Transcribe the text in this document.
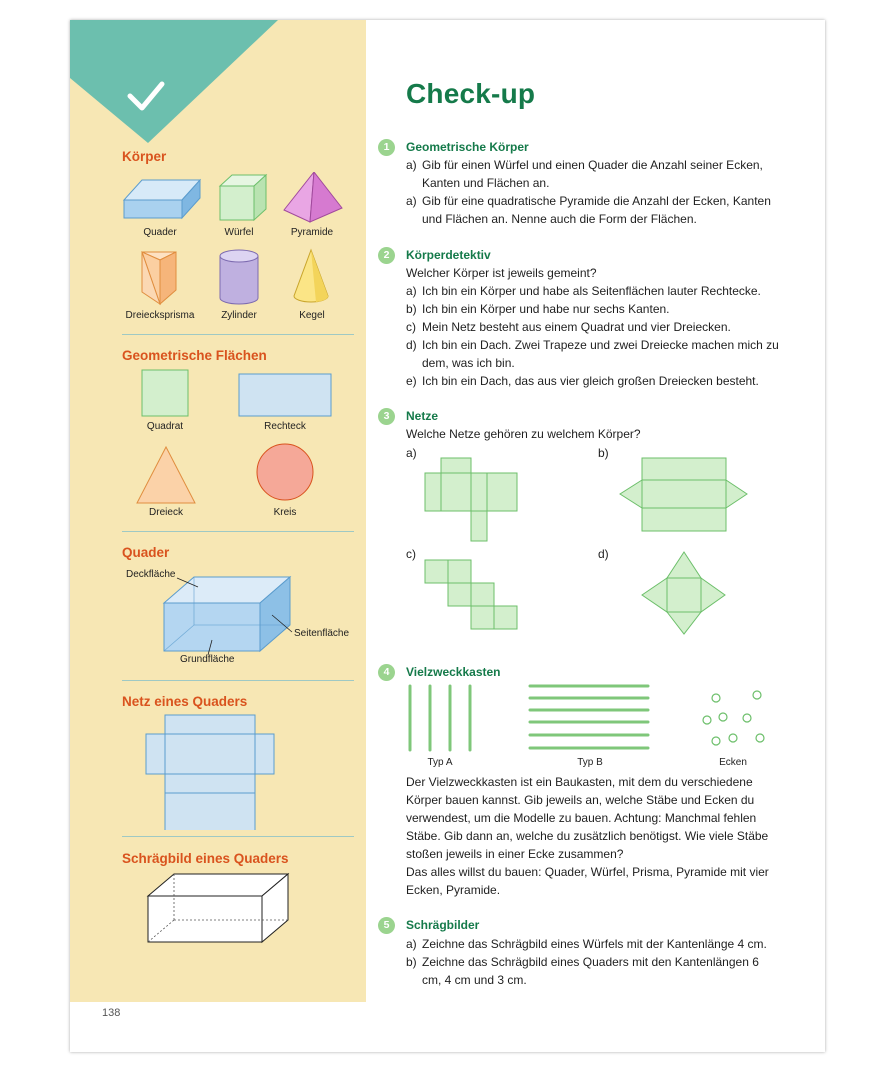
Körper
Quader	Würfel	Pyramide
Dreiecksprisma	Zylinder	Kegel
Geometrische Flächen
Quadrat	Rechteck
Dreieck	Kreis
Quader
Deckfläche
Seitenfläche
Grundfläche
Netz eines Quaders
Schrägbild eines Quaders
Check-up
1	Geometrische Körper
a) Gib für einen Würfel und einen Quader die Anzahl seiner Ecken, Kanten und Flächen an.
a) Gib für eine quadratische Pyramide die Anzahl der Ecken, Kanten und Flächen an. Nenne auch die Form der Flächen.
2	Körperdetektiv
Welcher Körper ist jeweils gemeint?
a) Ich bin ein Körper und habe als Seitenflächen lauter Rechtecke.
b) Ich bin ein Körper und habe nur sechs Kanten.
c) Mein Netz besteht aus einem Quadrat und vier Dreiecken.
d) Ich bin ein Dach. Zwei Trapeze und zwei Dreiecke machen mich zu dem, was ich bin.
e) Ich bin ein Dach, das aus vier gleich großen Dreiecken besteht.
3	Netze
Welche Netze gehören zu welchem Körper?
a)	b)
c)	d)
4	Vielzweckkasten
Typ A	Typ B	Ecken
Der Vielzweckkasten ist ein Baukasten, mit dem du verschiedene Körper bauen kannst. Gib jeweils an, welche Stäbe und Ecken du verwendest, um die Modelle zu bauen. Achtung: Manchmal fehlen Stäbe. Gib dann an, welche du zusätzlich benötigst. Wie viele Stäbe stoßen jeweils in einer Ecke zusammen?
Das alles willst du bauen: Quader, Würfel, Prisma, Pyramide mit vier Ecken, Pyramide.
5	Schrägbilder
a) Zeichne das Schrägbild eines Würfels mit der Kantenlänge 4 cm.
b) Zeichne das Schrägbild eines Quaders mit den Kantenlängen 6 cm, 4 cm und 3 cm.
138
